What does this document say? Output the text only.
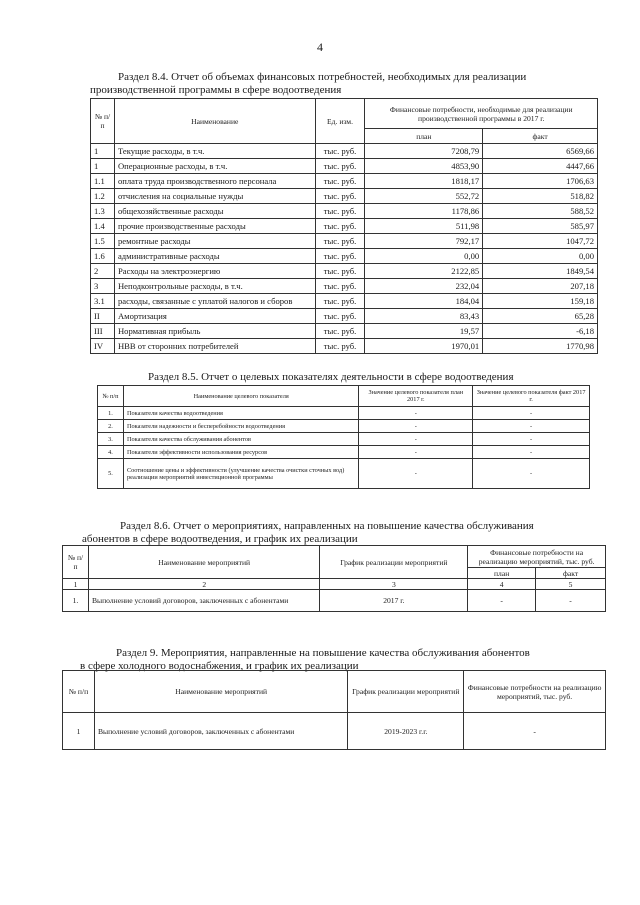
4
Раздел 8.4. Отчет об объемах финансовых потребностей, необходимых для реализации
производственной программы в сфере водоотведения
№ п/п	Наименование	Ед. изм.	Финансовые потребности, необходимые для реализации производственной программы в 2017 г.	
			план	факт
1	Текущие расходы, в т.ч.	тыс. руб.	7208,79	6569,66
1	Операционные расходы, в т.ч.	тыс. руб.	4853,90	4447,66
1.1	оплата труда производственного персонала	тыс. руб.	1818,17	1706,63
1.2	отчисления на социальные нужды	тыс. руб.	552,72	518,82
1.3	общехозяйственные расходы	тыс. руб.	1178,86	588,52
1.4	прочие производственные расходы	тыс. руб.	511,98	585,97
1.5	ремонтные расходы	тыс. руб.	792,17	1047,72
1.6	административные расходы	тыс. руб.	0,00	0,00
2	Расходы на электроэнергию	тыс. руб.	2122,85	1849,54
3	Неподконтрольные расходы, в т.ч.	тыс. руб.	232,04	207,18
3.1	расходы, связанные с уплатой налогов и сборов	тыс. руб.	184,04	159,18
II	Амортизация	тыс. руб.	83,43	65,28
III	Нормативная прибыль	тыс. руб.	19,57	-6,18
IV	НВВ от сторонних потребителей	тыс. руб.	1970,01	1770,98
Раздел 8.5. Отчет о целевых показателях деятельности в сфере водоотведения
№ п/п	Наименование целевого показателя	Значение целевого показателя план 2017 г.	Значение целевого показателя факт 2017 г.
1.	Показатели качества водоотведения	-	-
2.	Показатели надежности и бесперебойности водоотведения	-	-
3.	Показатели качества обслуживания абонентов	-	-
4.	Показатели эффективности использования ресурсов	-	-
5.	Соотношение цены и эффективности (улучшение качества очистки сточных вод) реализации мероприятий инвестиционной программы	-	-
Раздел 8.6. Отчет о мероприятиях, направленных на повышение качества обслуживания
абонентов в сфере водоотведения, и график их реализации
№ п/п	Наименование мероприятий	График реализации мероприятий	Финансовые потребности на реализацию мероприятий, тыс. руб.	
			план	факт
1	2	3	4	5
1.	Выполнение условий договоров, заключенных с абонентами	2017 г.	-	-
Раздел 9. Мероприятия, направленные на повышение качества обслуживания абонентов
в сфере холодного водоснабжения, и график их реализации
№ п/п	Наименование мероприятий	График реализации мероприятий	Финансовые потребности на реализацию мероприятий, тыс. руб.
1	Выполнение условий договоров, заключенных с абонентами	2019-2023 г.г.	-
